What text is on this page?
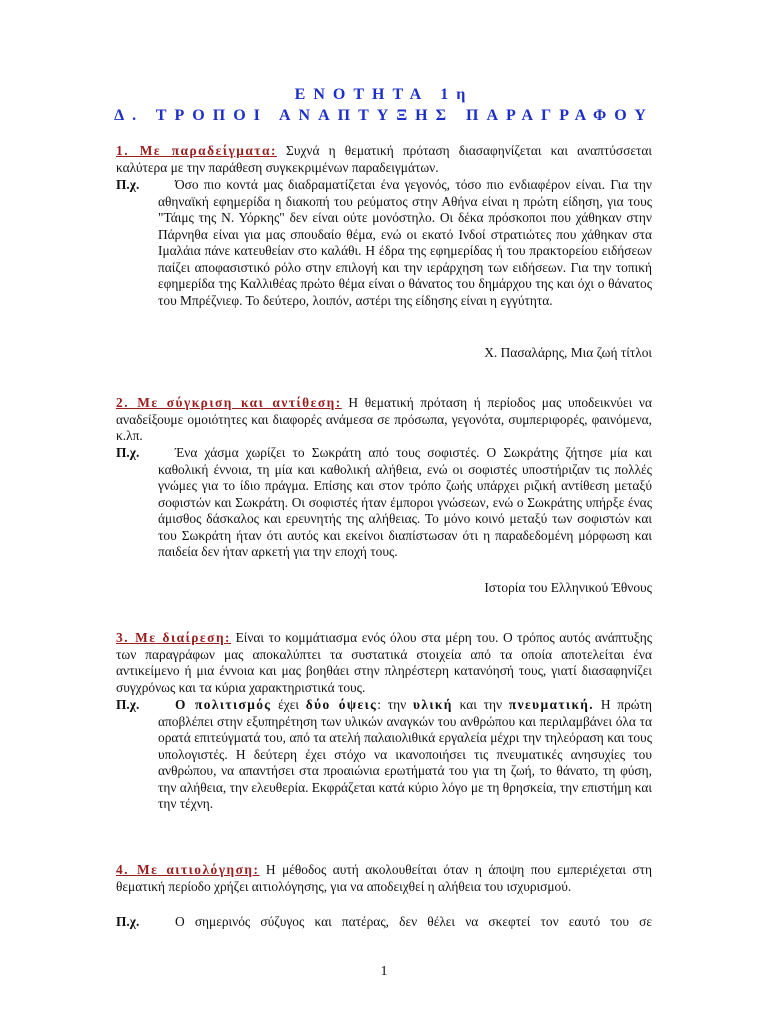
ΕΝΟΤΗΤΑ 1η
Δ. ΤΡΟΠΟΙ ΑΝΑΠΤΥΞΗΣ ΠΑΡΑΓΡΑΦΟΥ

1. Με παραδείγματα: Συχνά η θεματική πρόταση διασαφηνίζεται και αναπτύσσεται καλύτερα με την παράθεση συγκεκριμένων παραδειγμάτων.

Π.χ.	Όσο πιο κοντά μας διαδραματίζεται ένα γεγονός, τόσο πιο ενδιαφέρον είναι. Για την αθηναϊκή εφημερίδα η διακοπή του ρεύματος στην Αθήνα είναι η πρώτη είδηση, για τους "Τάιμς της Ν. Υόρκης" δεν είναι ούτε μονόστηλο. Οι δέκα πρόσκοποι που χάθηκαν στην Πάρνηθα είναι για μας σπουδαίο θέμα, ενώ οι εκατό Ινδοί στρατιώτες που χάθηκαν στα Ιμαλάια πάνε κατευθείαν στο καλάθι. Η έδρα της εφημερίδας ή του πρακτορείου ειδήσεων παίζει αποφασιστικό ρόλο στην επιλογή και την ιεράρχηση των ειδήσεων. Για την τοπική εφημερίδα της Καλλιθέας πρώτο θέμα είναι ο θάνατος του δημάρχου της και όχι ο θάνατος του Μπρέζνιεφ. Το δεύτερο, λοιπόν, αστέρι της είδησης είναι η εγγύτητα.

Χ. Πασαλάρης, Μια ζωή τίτλοι

2. Με σύγκριση και αντίθεση: Η θεματική πρόταση ή περίοδος μας υποδεικνύει να αναδείξουμε ομοιότητες και διαφορές ανάμεσα σε πρόσωπα, γεγονότα, συμπεριφορές, φαινόμενα, κ.λπ.

Π.χ.	Ένα χάσμα χωρίζει το Σωκράτη από τους σοφιστές. Ο Σωκράτης ζήτησε μία και καθολική έννοια, τη μία και καθολική αλήθεια, ενώ οι σοφιστές υποστήριζαν τις πολλές γνώμες για το ίδιο πράγμα. Επίσης και στον τρόπο ζωής υπάρχει ριζική αντίθεση μεταξύ σοφιστών και Σωκράτη. Οι σοφιστές ήταν έμποροι γνώσεων, ενώ ο Σωκράτης υπήρξε ένας άμισθος δάσκαλος και ερευνητής της αλήθειας. Το μόνο κοινό μεταξύ των σοφιστών και του Σωκράτη ήταν ότι αυτός και εκείνοι διαπίστωσαν ότι η παραδεδομένη μόρφωση και παιδεία δεν ήταν αρκετή για την εποχή τους.

Ιστορία του Ελληνικού Έθνους

3. Με διαίρεση: Είναι το κομμάτιασμα ενός όλου στα μέρη του. Ο τρόπος αυτός ανάπτυξης των παραγράφων μας αποκαλύπτει τα συστατικά στοιχεία από τα οποία αποτελείται ένα αντικείμενο ή μια έννοια και μας βοηθάει στην πληρέστερη κατανόησή τους, γιατί διασαφηνίζει συγχρόνως και τα κύρια χαρακτηριστικά τους.

Π.χ.	Ο πολιτισμός έχει δύο όψεις: την υλική και την πνευματική. Η πρώτη αποβλέπει στην εξυπηρέτηση των υλικών αναγκών του ανθρώπου και περιλαμβάνει όλα τα ορατά επιτεύγματά του, από τα ατελή παλαιολιθικά εργαλεία μέχρι την τηλεόραση και τους υπολογιστές. Η δεύτερη έχει στόχο να ικανοποιήσει τις πνευματικές ανησυχίες του ανθρώπου, να απαντήσει στα προαιώνια ερωτήματά του για τη ζωή, το θάνατο, τη φύση, την αλήθεια, την ελευθερία. Εκφράζεται κατά κύριο λόγο με τη θρησκεία, την επιστήμη και την τέχνη.

4. Με αιτιολόγηση: Η μέθοδος αυτή ακολουθείται όταν η άποψη που εμπεριέχεται στη θεματική περίοδο χρήζει αιτιολόγησης, για να αποδειχθεί η αλήθεια του ισχυρισμού.

Π.χ.	Ο σημερινός σύζυγος και πατέρας, δεν θέλει να σκεφτεί τον εαυτό του σε

1
